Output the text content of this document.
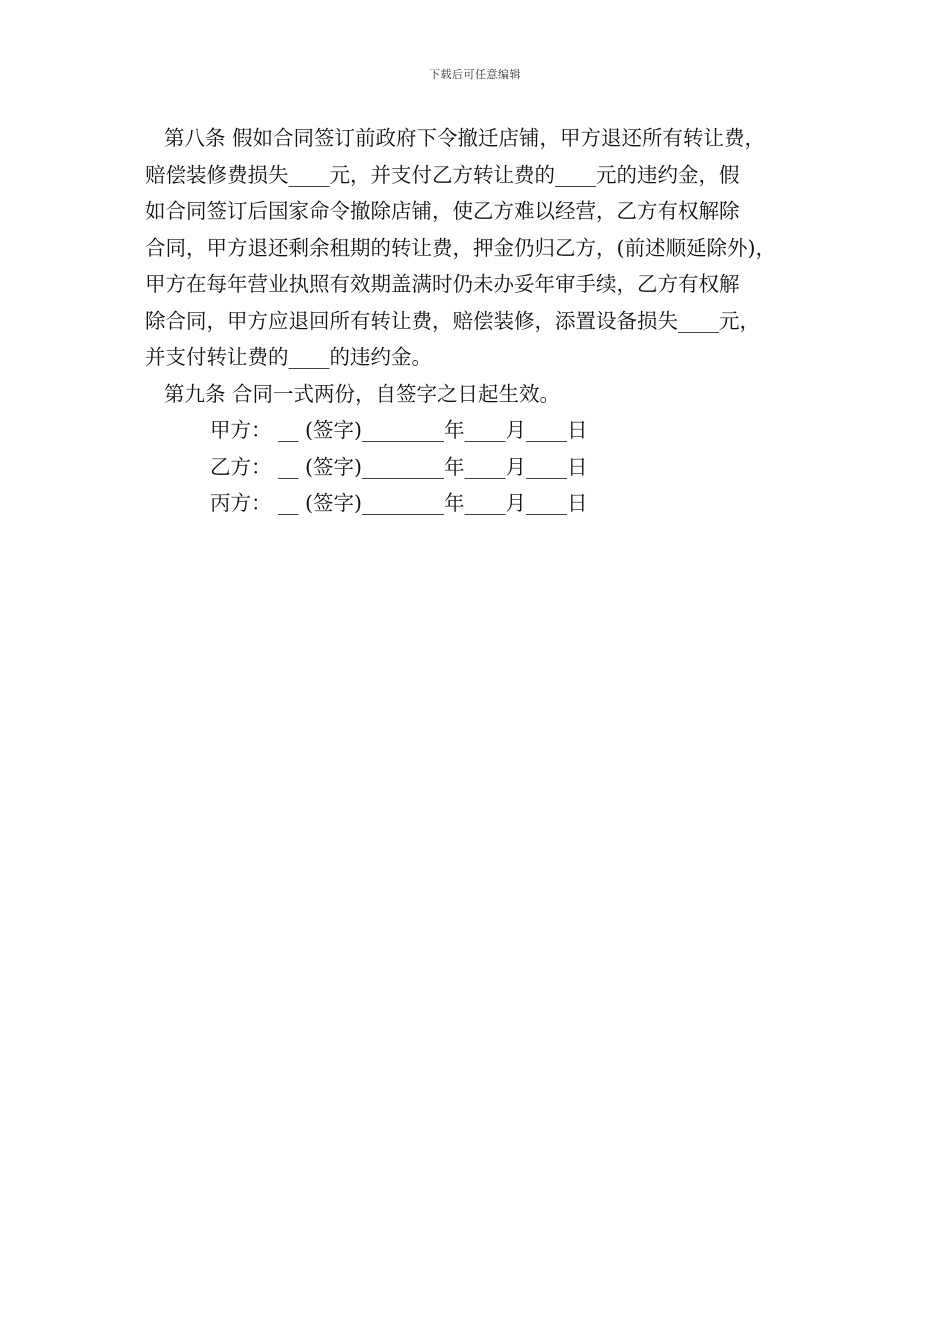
下载后可任意编辑
第八条 假如合同签订前政府下令撤迁店铺，甲方退还所有转让费，
赔偿装修费损失____元，并支付乙方转让费的____元的违约金，假
如合同签订后国家命令撤除店铺，使乙方难以经营，乙方有权解除
合同，甲方退还剩余租期的转让费，押金仍归乙方，(前述顺延除外)，
甲方在每年营业执照有效期盖满时仍未办妥年审手续，乙方有权解
除合同，甲方应退回所有转让费，赔偿装修，添置设备损失____元，
并支付转让费的____的违约金。
第九条 合同一式两份，自签字之日起生效。
甲方： __ (签字)________年____月____日
乙方： __ (签字)________年____月____日
丙方： __ (签字)________年____月____日
